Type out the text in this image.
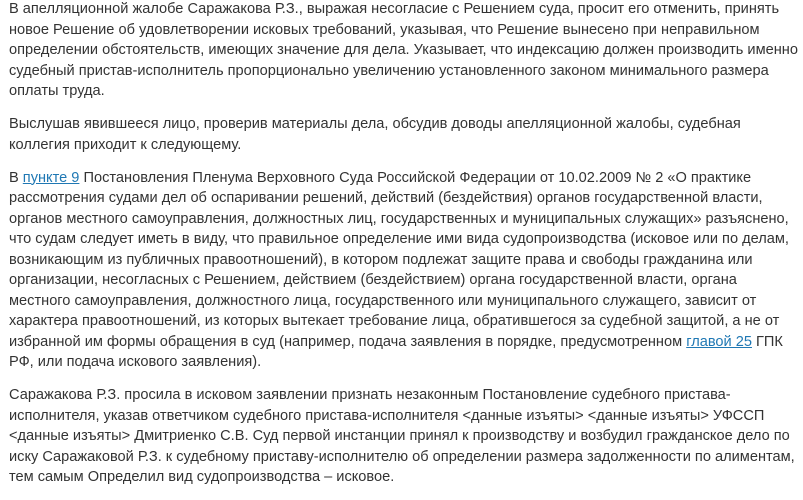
В апелляционной жалобе Саражакова Р.З., выражая несогласие с Решением суда, просит его отменить, принять новое Решение об удовлетворении исковых требований, указывая, что Решение вынесено при неправильном определении обстоятельств, имеющих значение для дела. Указывает, что индексацию должен производить именно судебный пристав-исполнитель пропорционально увеличению установленного законом минимального размера оплаты труда.

Выслушав явившееся лицо, проверив материалы дела, обсудив доводы апелляционной жалобы, судебная коллегия приходит к следующему.

В пункте 9 Постановления Пленума Верховного Суда Российской Федерации от 10.02.2009 № 2 «О практике рассмотрения судами дел об оспаривании решений, действий (бездействия) органов государственной власти, органов местного самоуправления, должностных лиц, государственных и муниципальных служащих» разъяснено, что судам следует иметь в виду, что правильное определение ими вида судопроизводства (исковое или по делам, возникающим из публичных правоотношений), в котором подлежат защите права и свободы гражданина или организации, несогласных с Решением, действием (бездействием) органа государственной власти, органа местного самоуправления, должностного лица, государственного или муниципального служащего, зависит от характера правоотношений, из которых вытекает требование лица, обратившегося за судебной защитой, а не от избранной им формы обращения в суд (например, подача заявления в порядке, предусмотренном главой 25 ГПК РФ, или подача искового заявления).

Саражакова Р.З. просила в исковом заявлении признать незаконным Постановление судебного пристава-исполнителя, указав ответчиком судебного пристава-исполнителя <данные изъяты> <данные изъяты> УФССП <данные изъяты> Дмитриенко С.В. Суд первой инстанции принял к производству и возбудил гражданское дело по иску Саражаковой Р.З. к судебному приставу-исполнителю об определении размера задолженности по алиментам, тем самым Определил вид судопроизводства – исковое.
